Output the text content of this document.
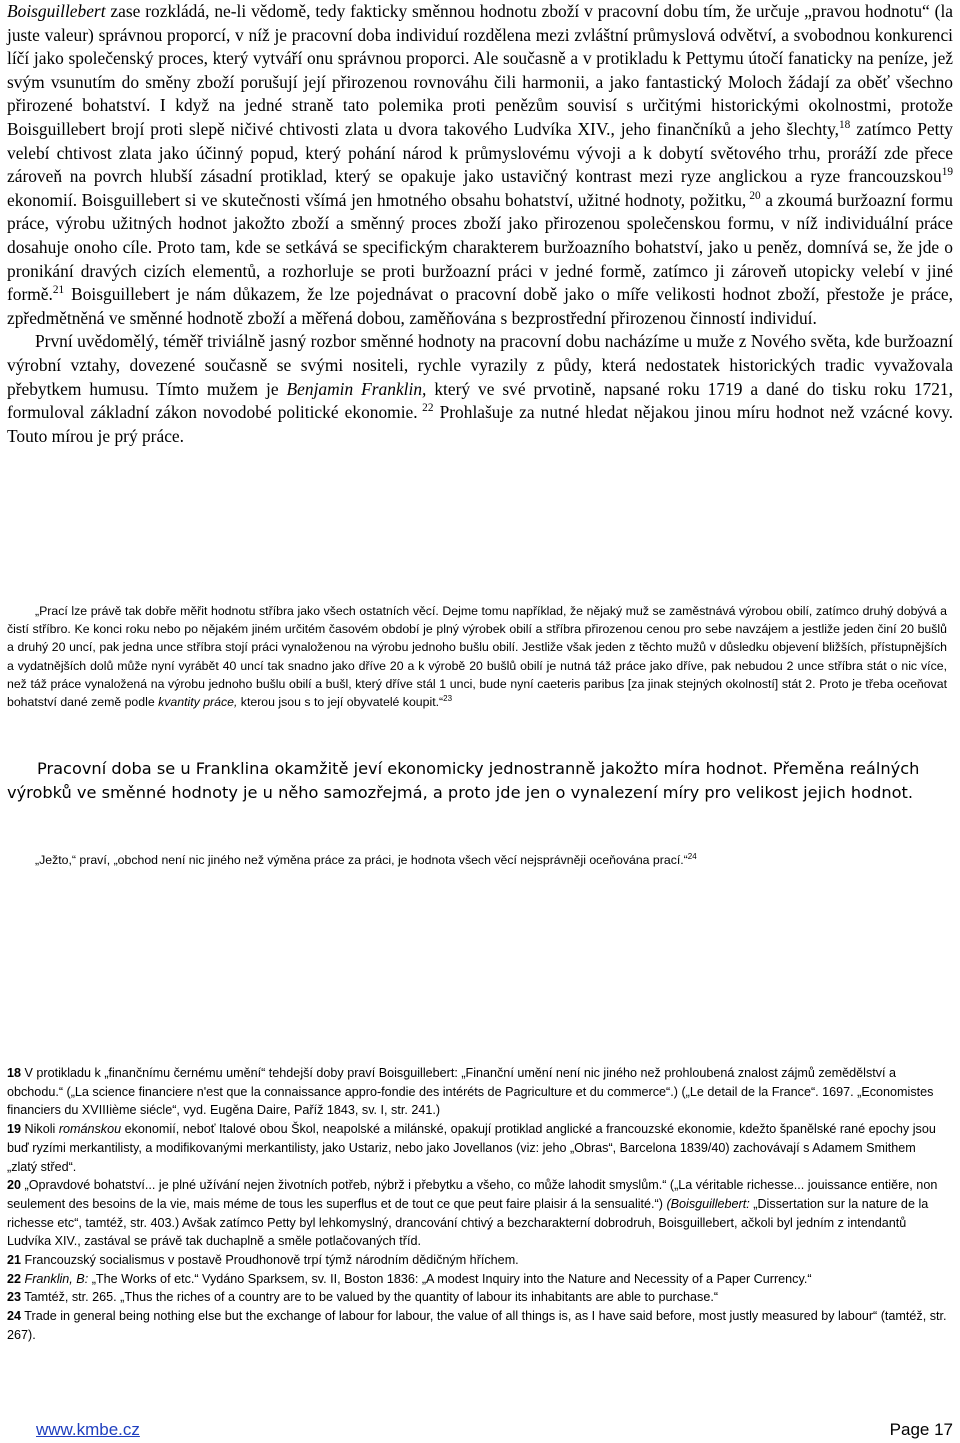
Boisguillebert zase rozkládá, ne-li vědomě, tedy fakticky směnnou hodnotu zboží v pracovní dobu tím, že určuje „pravou hodnotu“ (la juste valeur) správnou proporcí, v níž je pracovní doba individuí rozdělena mezi zvláštní průmyslová odvětví, a svobodnou konkurenci líčí jako společenský proces, který vytváří onu správnou proporci. Ale současně a v protikladu k Pettymu útočí fanaticky na peníze, jež svým vsunutím do směny zboží porušují její přirozenou rovnováhu čili harmonii, a jako fantastický Moloch žádají za oběť všechno přirozené bohatství. I když na jedné straně tato polemika proti penězům souvisí s určitými historickými okolnostmi, protože Boisguillebert brojí proti slepě ničivé chtivosti zlata u dvora takového Ludvíka XIV., jeho finančníků a jeho šlechty,$^{18}$ zatímco Petty velebí chtivost zlata jako účinný popud, který pohání národ k průmyslovému vývoji a k dobytí světového trhu, proráží zde přece zároveň na povrch hlubší zásadní protiklad, který se opakuje jako ustavičný kontrast mezi ryze anglickou a ryze francouzskou$^{19}$ ekonomií. Boisguillebert si ve skutečnosti všímá jen hmotného obsahu bohatství, užitné hodnoty, požitku, $^{20}$ a zkoumá buržoazní formu práce, výrobu užitných hodnot jakožto zboží a směnný proces zboží jako přirozenou společenskou formu, v níž individuální práce dosahuje onoho cíle. Proto tam, kde se setkává se specifickým charakterem buržoazního bohatství, jako u peněz, domnívá se, že jde o pronikání dravých cizích elementů, a rozhorluje se proti buržoazní práci v jedné formě, zatímco ji zároveň utopicky velebí v jiné formě.$^{21}$ Boisguillebert je nám důkazem, že lze pojednávat o pracovní době jako o míře velikosti hodnot zboží, přestože je práce, zpředmětněná ve směnné hodnotě zboží a měřená dobou, zaměňována s bezprostřední přirozenou činností individuí.

První uvědomělý, téměř triviálně jasný rozbor směnné hodnoty na pracovní dobu nacházíme u muže z Nového světa, kde buržoazní výrobní vztahy, dovezené současně se svými nositeli, rychle vyrazily z půdy, která nedostatek historických tradic vyvažovala přebytkem humusu. Tímto mužem je Benjamin Franklin, který ve své prvotině, napsané roku 1719 a dané do tisku roku 1721, formuloval základní zákon novodobé politické ekonomie. $^{22}$ Prohlašuje za nutné hledat nějakou jinou míru hodnot než vzácné kovy. Touto mírou je prý práce.

„Prací lze právě tak dobře měřit hodnotu stříbra jako všech ostatních věcí. Dejme tomu například, že nějaký muž se zaměstnává výrobou obilí, zatímco druhý dobývá a čistí stříbro. Ke konci roku nebo po nějakém jiném určitém časovém období je plný výrobek obilí a stříbra přirozenou cenou pro sebe navzájem a jestliže jeden činí 20 bušlů a druhý 20 uncí, pak jedna unce stříbra stojí práci vynaloženou na výrobu jednoho bušlu obilí. Jestliže však jeden z těchto mužů v důsledku objevení bližších, přístupnějších a vydatnějších dolů může nyní vyrábět 40 uncí tak snadno jako dříve 20 a k výrobě 20 bušlů obilí je nutná táž práce jako dříve, pak nebudou 2 unce stříbra stát o nic více, než táž práce vynaložená na výrobu jednoho bušlu obilí a bušl, který dříve stál 1 unci, bude nyní caeteris paribus [za jinak stejných okolností] stát 2. Proto je třeba oceňovat bohatství dané země podle kvantity práce, kterou jsou s to její obyvatelé koupit.“$^{23}$

Pracovní doba se u Franklina okamžitě jeví ekonomicky jednostranně jakožto míra hodnot. Přeměna reálných výrobků ve směnné hodnoty je u něho samozřejmá, a proto jde jen o vynalezení míry pro velikost jejich hodnot.

„Ježto,“ praví, „obchod není nic jiného než výměna práce za práci, je hodnota všech věcí nejsprávněji oceňována prací.“$^{24}$

18 V protikladu k „finančnímu černému umění“ tehdejší doby praví Boisguillebert: „Finanční umění není nic jiného než prohloubená znalost zájmů zemědělství a obchodu.“ („La science financiere n'est que la connaissance appro-fondie des intéréts de Pagriculture et du commerce“.) („Le detail de la France“. 1697. „Economistes financiers du XVIIIième siécle“, vyd. Eugěna Daire, Paříž 1843, sv. I, str. 241.)

19 Nikoli románskou ekonomií, neboť Italové obou Škol, neapolské a milánské, opakují protiklad anglické a francouzské ekonomie, kdežto španělské rané epochy jsou buď ryzími merkantilisty, a modifikovanými merkantilisty, jako Ustariz, nebo jako Jovellanos (viz: jeho „Obras“, Barcelona 1839/40) zachovávají s Adamem Smithem „zlatý střed“.

20 „Opravdové bohatství... je plné užívání nejen životních potřeb, nýbrž i přebytku a všeho, co může lahodit smyslům.“ („La véritable richesse... jouissance entiěre, non seulement des besoins de la vie, mais méme de tous les superflus et de tout ce que peut faire plaisir á la sensualité.“) (Boisguillebert: „Dissertation sur la nature de la richesse etc“, tamtéž, str. 403.) Avšak zatímco Petty byl lehkomyslný, drancování chtivý a bezcharakterní dobrodruh, Boisguillebert, ačkoli byl jedním z intendantů Ludvíka XIV., zastával se právě tak duchaplně a směle potlačovaných tříd.

21 Francouzský socialismus v postavě Proudhonově trpí týmž národním dědičným hříchem.

22 Franklin, B: „The Works of etc.“ Vydáno Sparksem, sv. II, Boston 1836: „A modest Inquiry into the Nature and Necessity of a Paper Currency.“

23 Tamtéž, str. 265. „Thus the riches of a country are to be valued by the quantity of labour its inhabitants are able to purchase.“

24 Trade in general being nothing else but the exchange of labour for labour, the value of all things is, as I have said before, most justly measured by labour“ (tamtéž, str. 267).

www.kmbe.cz	Page 17
